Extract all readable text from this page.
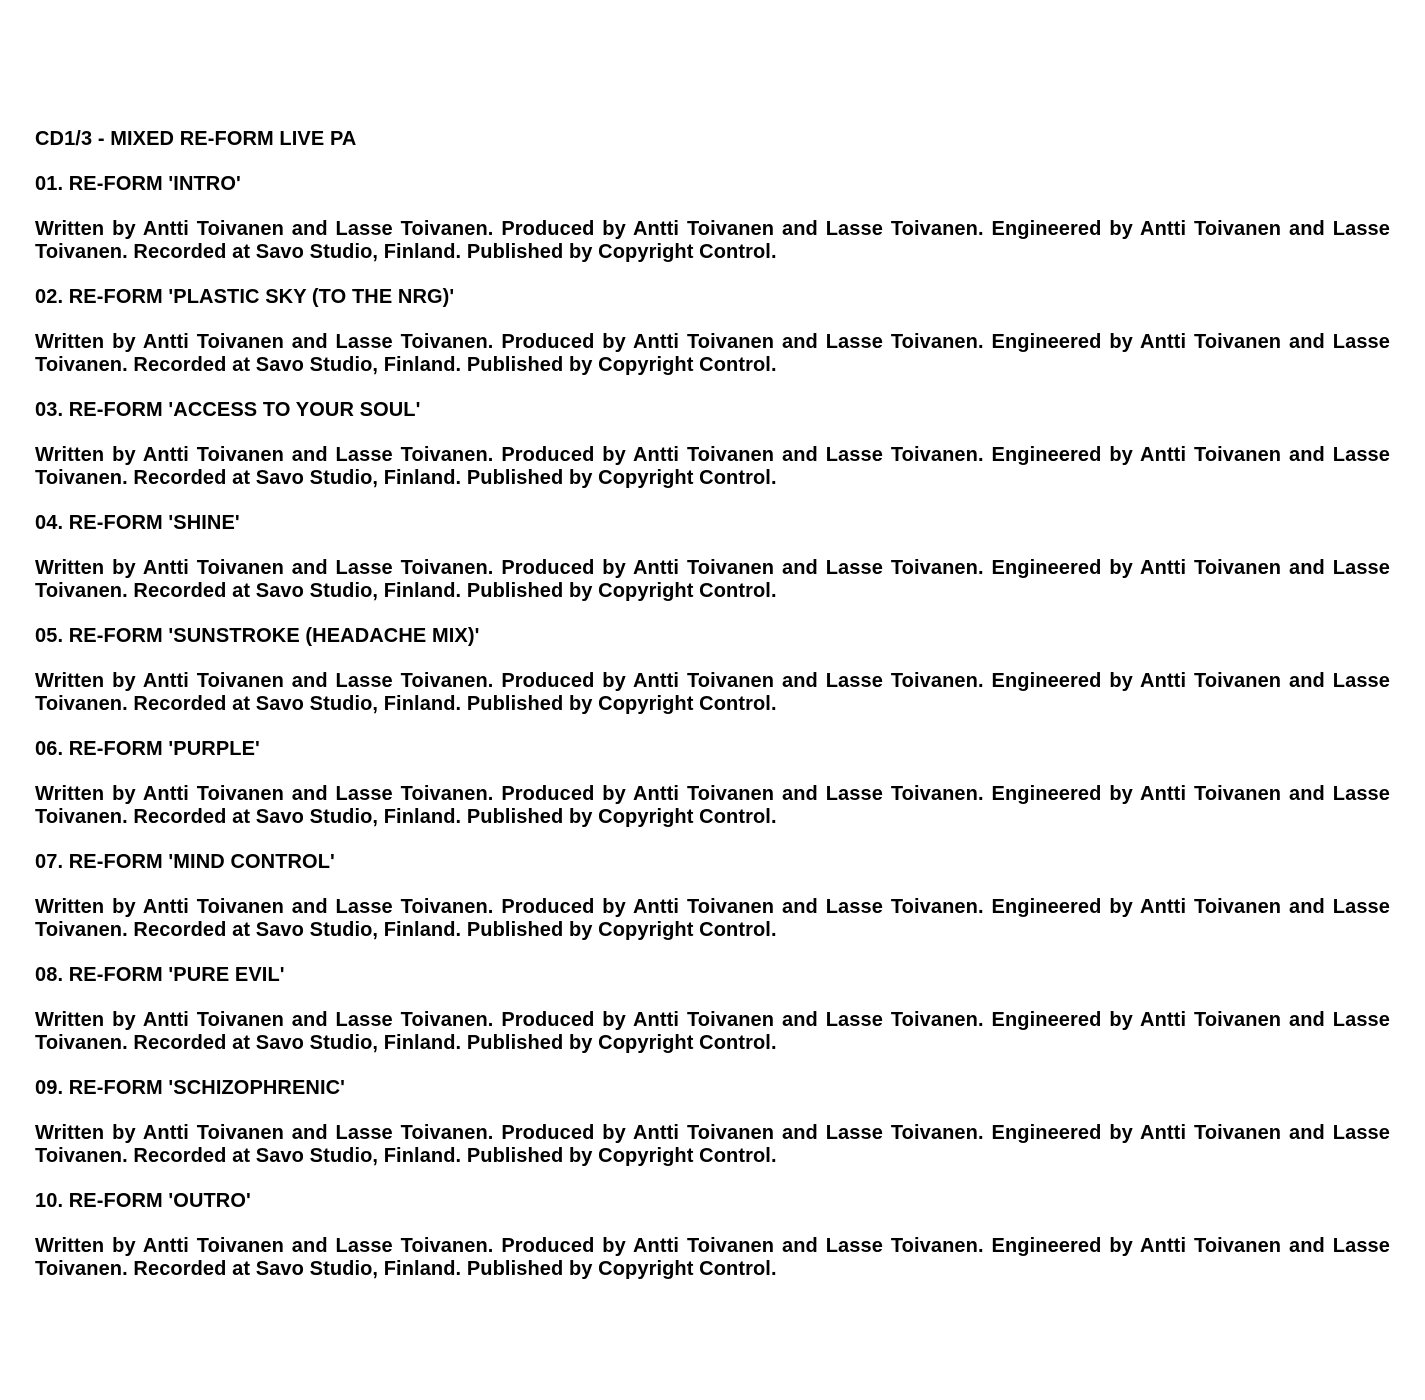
CD1/3 - MIXED RE-FORM LIVE PA

01. RE-FORM 'INTRO'

Written by Antti Toivanen and Lasse Toivanen. Produced by Antti Toivanen and Lasse Toivanen. Engineered by Antti Toivanen and Lasse Toivanen. Recorded at Savo Studio, Finland. Published by Copyright Control.

02. RE-FORM 'PLASTIC SKY (TO THE NRG)'

Written by Antti Toivanen and Lasse Toivanen. Produced by Antti Toivanen and Lasse Toivanen. Engineered by Antti Toivanen and Lasse Toivanen. Recorded at Savo Studio, Finland. Published by Copyright Control.

03. RE-FORM 'ACCESS TO YOUR SOUL'

Written by Antti Toivanen and Lasse Toivanen. Produced by Antti Toivanen and Lasse Toivanen. Engineered by Antti Toivanen and Lasse Toivanen. Recorded at Savo Studio, Finland. Published by Copyright Control.

04. RE-FORM 'SHINE'

Written by Antti Toivanen and Lasse Toivanen. Produced by Antti Toivanen and Lasse Toivanen. Engineered by Antti Toivanen and Lasse Toivanen. Recorded at Savo Studio, Finland. Published by Copyright Control.

05. RE-FORM 'SUNSTROKE (HEADACHE MIX)'

Written by Antti Toivanen and Lasse Toivanen. Produced by Antti Toivanen and Lasse Toivanen. Engineered by Antti Toivanen and Lasse Toivanen. Recorded at Savo Studio, Finland. Published by Copyright Control.

06. RE-FORM 'PURPLE'

Written by Antti Toivanen and Lasse Toivanen. Produced by Antti Toivanen and Lasse Toivanen. Engineered by Antti Toivanen and Lasse Toivanen. Recorded at Savo Studio, Finland. Published by Copyright Control.

07. RE-FORM 'MIND CONTROL'

Written by Antti Toivanen and Lasse Toivanen. Produced by Antti Toivanen and Lasse Toivanen. Engineered by Antti Toivanen and Lasse Toivanen. Recorded at Savo Studio, Finland. Published by Copyright Control.

08. RE-FORM 'PURE EVIL'

Written by Antti Toivanen and Lasse Toivanen. Produced by Antti Toivanen and Lasse Toivanen. Engineered by Antti Toivanen and Lasse Toivanen. Recorded at Savo Studio, Finland. Published by Copyright Control.

09. RE-FORM 'SCHIZOPHRENIC'

Written by Antti Toivanen and Lasse Toivanen. Produced by Antti Toivanen and Lasse Toivanen. Engineered by Antti Toivanen and Lasse Toivanen. Recorded at Savo Studio, Finland. Published by Copyright Control.

10. RE-FORM 'OUTRO'

Written by Antti Toivanen and Lasse Toivanen. Produced by Antti Toivanen and Lasse Toivanen. Engineered by Antti Toivanen and Lasse Toivanen. Recorded at Savo Studio, Finland. Published by Copyright Control.
